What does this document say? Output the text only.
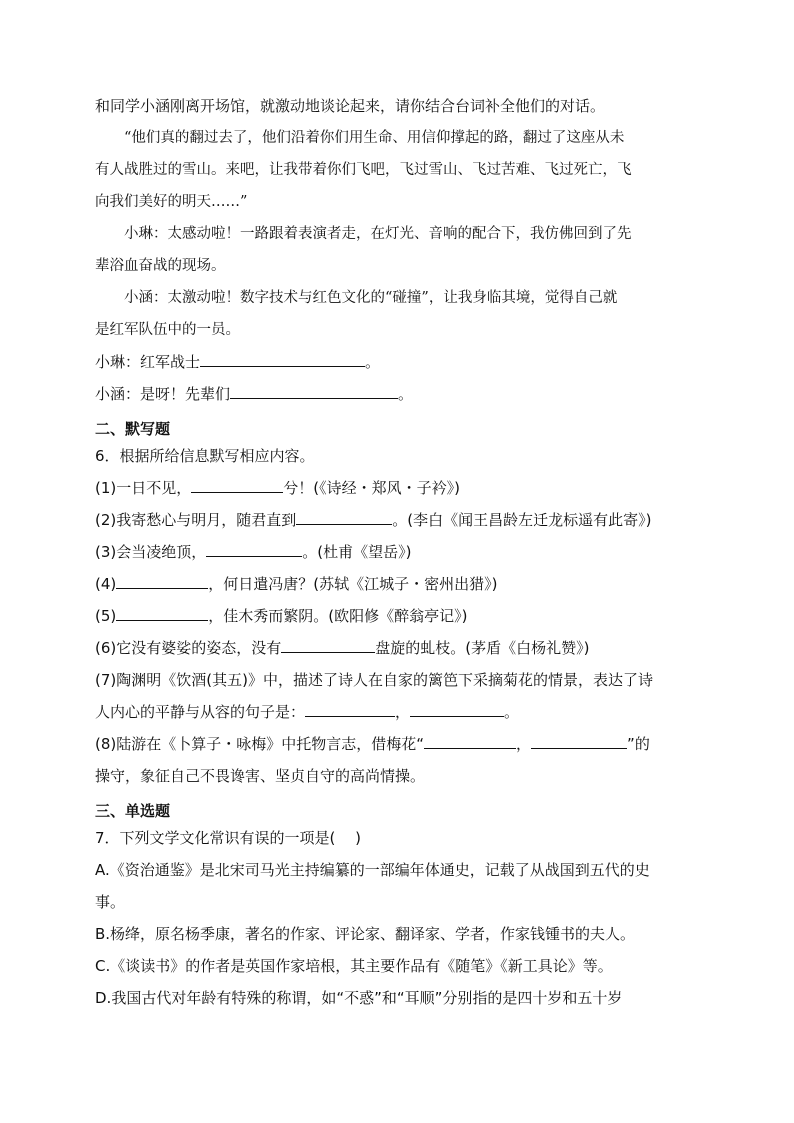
和同学小涵刚离开场馆，就激动地谈论起来，请你结合台词补全他们的对话。
“他们真的翻过去了，他们沿着你们用生命、用信仰撑起的路，翻过了这座从未
有人战胜过的雪山。来吧，让我带着你们飞吧，飞过雪山、飞过苦难、飞过死亡，飞
向我们美好的明天……”
小琳：太感动啦！一路跟着表演者走，在灯光、音响的配合下，我仿佛回到了先
辈浴血奋战的现场。
小涵：太激动啦！数字技术与红色文化的“碰撞”，让我身临其境，觉得自己就
是红军队伍中的一员。
小琳：红军战士	。
小涵：是呀！先辈们	。
二、默写题
6．根据所给信息默写相应内容。
(1)一日不见，	兮！(《诗经・郑风・子衿》)
(2)我寄愁心与明月，随君直到	。(李白《闻王昌龄左迁龙标遥有此寄》)
(3)会当凌绝顶，	。(杜甫《望岳》)
(4)	，何日遣冯唐？(苏轼《江城子・密州出猎》)
(5)	，佳木秀而繁阴。(欧阳修《醉翁亭记》)
(6)它没有婆娑的姿态，没有	盘旋的虬枝。(茅盾《白杨礼赞》)
(7)陶渊明《饮酒(其五)》中，描述了诗人在自家的篱笆下采摘菊花的情景，表达了诗
人内心的平静与从容的句子是：	，	。
(8)陆游在《卜算子・咏梅》中托物言志，借梅花“	，	”的
操守，象征自己不畏谗害、坚贞自守的高尚情操。
三、单选题
7．下列文学文化常识有误的一项是(　 )
A.《资治通鉴》是北宋司马光主持编纂的一部编年体通史，记载了从战国到五代的史
事。
B.杨绛，原名杨季康，著名的作家、评论家、翻译家、学者，作家钱锺书的夫人。
C.《谈读书》的作者是英国作家培根，其主要作品有《随笔》《新工具论》等。
D.我国古代对年龄有特殊的称谓，如“不惑”和“耳顺”分别指的是四十岁和五十岁
